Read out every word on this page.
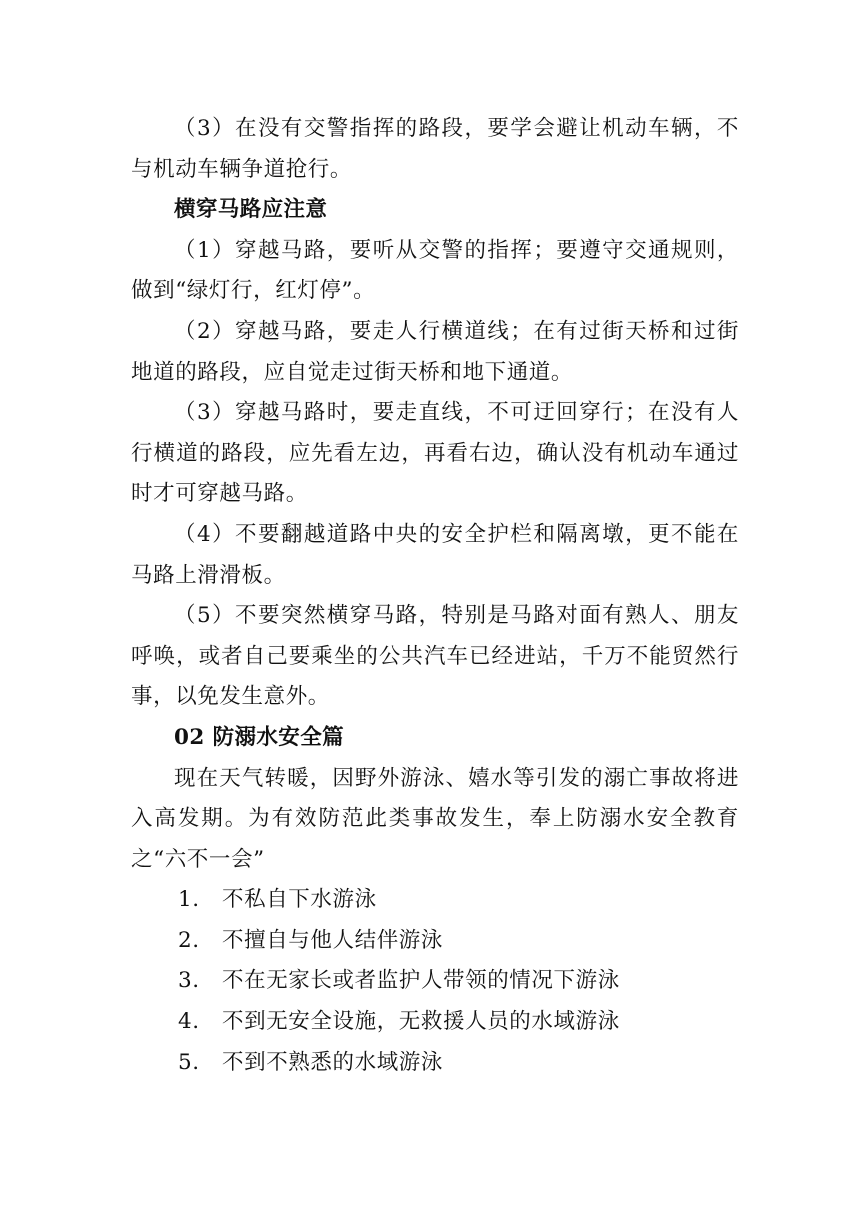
（3）在没有交警指挥的路段，要学会避让机动车辆，不与机动车辆争道抢行。

横穿马路应注意

（1）穿越马路，要听从交警的指挥；要遵守交通规则，做到“绿灯行，红灯停”。

（2）穿越马路，要走人行横道线；在有过街天桥和过街地道的路段，应自觉走过街天桥和地下通道。

（3）穿越马路时，要走直线，不可迂回穿行；在没有人行横道的路段，应先看左边，再看右边，确认没有机动车通过时才可穿越马路。

（4）不要翻越道路中央的安全护栏和隔离墩，更不能在马路上滑滑板。

（5）不要突然横穿马路，特别是马路对面有熟人、朋友呼唤，或者自己要乘坐的公共汽车已经进站，千万不能贸然行事，以免发生意外。

02 防溺水安全篇

现在天气转暖，因野外游泳、嬉水等引发的溺亡事故将进入高发期。为有效防范此类事故发生，奉上防溺水安全教育之“六不一会”

1. 不私自下水游泳

2. 不擅自与他人结伴游泳

3. 不在无家长或者监护人带领的情况下游泳

4. 不到无安全设施，无救援人员的水域游泳

5. 不到不熟悉的水域游泳
